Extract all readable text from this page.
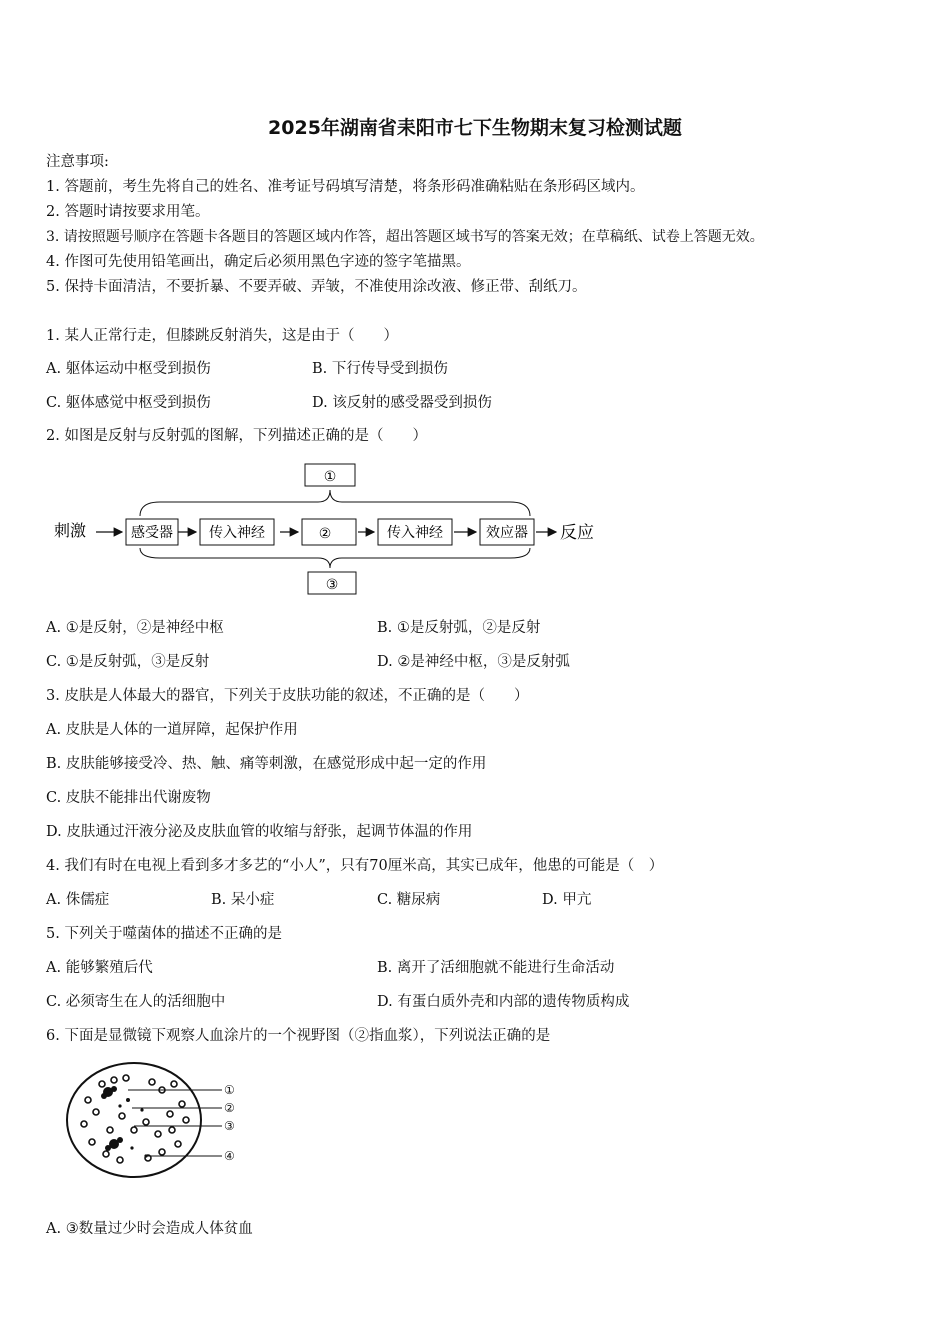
2025年湖南省耒阳市七下生物期末复习检测试题
注意事项:
1. 答题前，考生先将自己的姓名、准考证号码填写清楚，将条形码准确粘贴在条形码区域内。
2. 答题时请按要求用笔。
3. 请按照题号顺序在答题卡各题目的答题区域内作答，超出答题区域书写的答案无效；在草稿纸、试卷上答题无效。
4. 作图可先使用铅笔画出，确定后必须用黑色字迹的签字笔描黑。
5. 保持卡面清洁，不要折暴、不要弄破、弄皱，不准使用涂改液、修正带、刮纸刀。
1. 某人正常行走，但膝跳反射消失，这是由于（　　）
A. 躯体运动中枢受到损伤	B. 下行传导受到损伤
C. 躯体感觉中枢受到损伤	D. 该反射的感受器受到损伤
2. 如图是反射与反射弧的图解，下列描述正确的是（　　）
①
刺激	感受器	传入神经	②	传入神经	效应器 反应
③
A. ①是反射，②是神经中枢	B. ①是反射弧，②是反射
C. ①是反射弧，③是反射	D. ②是神经中枢，③是反射弧
3. 皮肤是人体最大的器官，下列关于皮肤功能的叙述，不正确的是（　　）
A. 皮肤是人体的一道屏障，起保护作用
B. 皮肤能够接受冷、热、触、痛等刺激，在感觉形成中起一定的作用
C. 皮肤不能排出代谢废物
D. 皮肤通过汗液分泌及皮肤血管的收缩与舒张，起调节体温的作用
4. 我们有时在电视上看到多才多艺的“小人”，只有70厘米高，其实已成年，他患的可能是（　）
A. 侏儒症	B. 呆小症	C. 糖尿病	D. 甲亢
5. 下列关于噬菌体的描述不正确的是
A. 能够繁殖后代	B. 离开了活细胞就不能进行生命活动
C. 必须寄生在人的活细胞中	D. 有蛋白质外壳和内部的遗传物质构成
6. 下面是显微镜下观察人血涂片的一个视野图（②指血浆），下列说法正确的是
①
②
③
④
A. ③数量过少时会造成人体贫血
